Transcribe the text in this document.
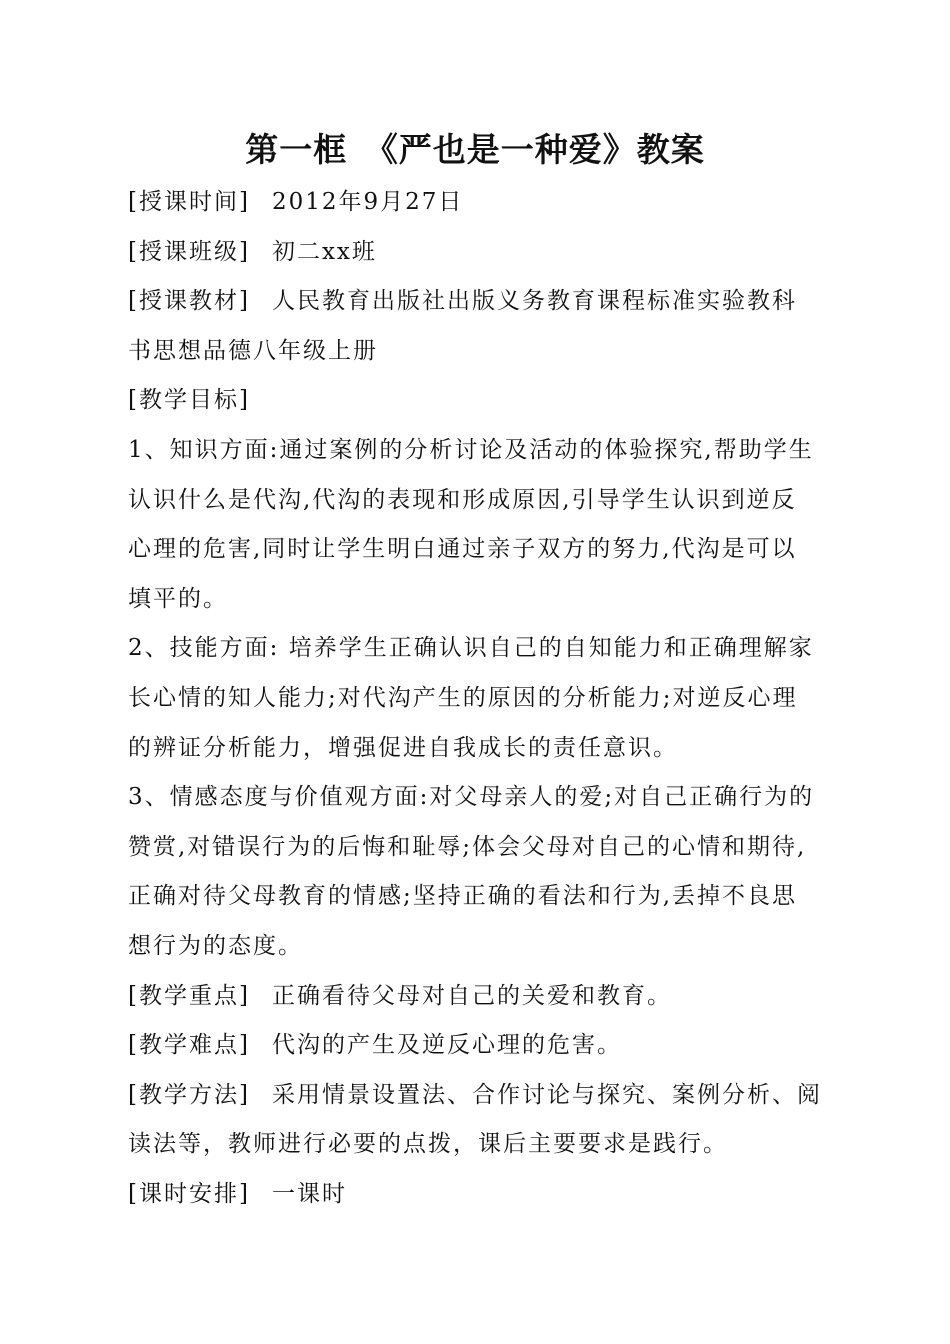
第一框　《严也是一种爱》教案
[授课时间] 2012年9月27日
[授课班级] 初二xx班
[授课教材] 人民教育出版社出版义务教育课程标准实验教科
书思想品德八年级上册
[教学目标]
1、知识方面:通过案例的分析讨论及活动的体验探究,帮助学生
认识什么是代沟,代沟的表现和形成原因,引导学生认识到逆反
心理的危害,同时让学生明白通过亲子双方的努力,代沟是可以
填平的。
2、技能方面: 培养学生正确认识自己的自知能力和正确理解家
长心情的知人能力;对代沟产生的原因的分析能力;对逆反心理
的辨证分析能力，增强促进自我成长的责任意识。
3、情感态度与价值观方面:对父母亲人的爱;对自己正确行为的
赞赏,对错误行为的后悔和耻辱;体会父母对自己的心情和期待,
正确对待父母教育的情感;坚持正确的看法和行为,丢掉不良思
想行为的态度。
[教学重点] 正确看待父母对自己的关爱和教育。
[教学难点] 代沟的产生及逆反心理的危害。
[教学方法] 采用情景设置法、合作讨论与探究、案例分析、阅
读法等，教师进行必要的点拨，课后主要要求是践行。
[课时安排] 一课时
